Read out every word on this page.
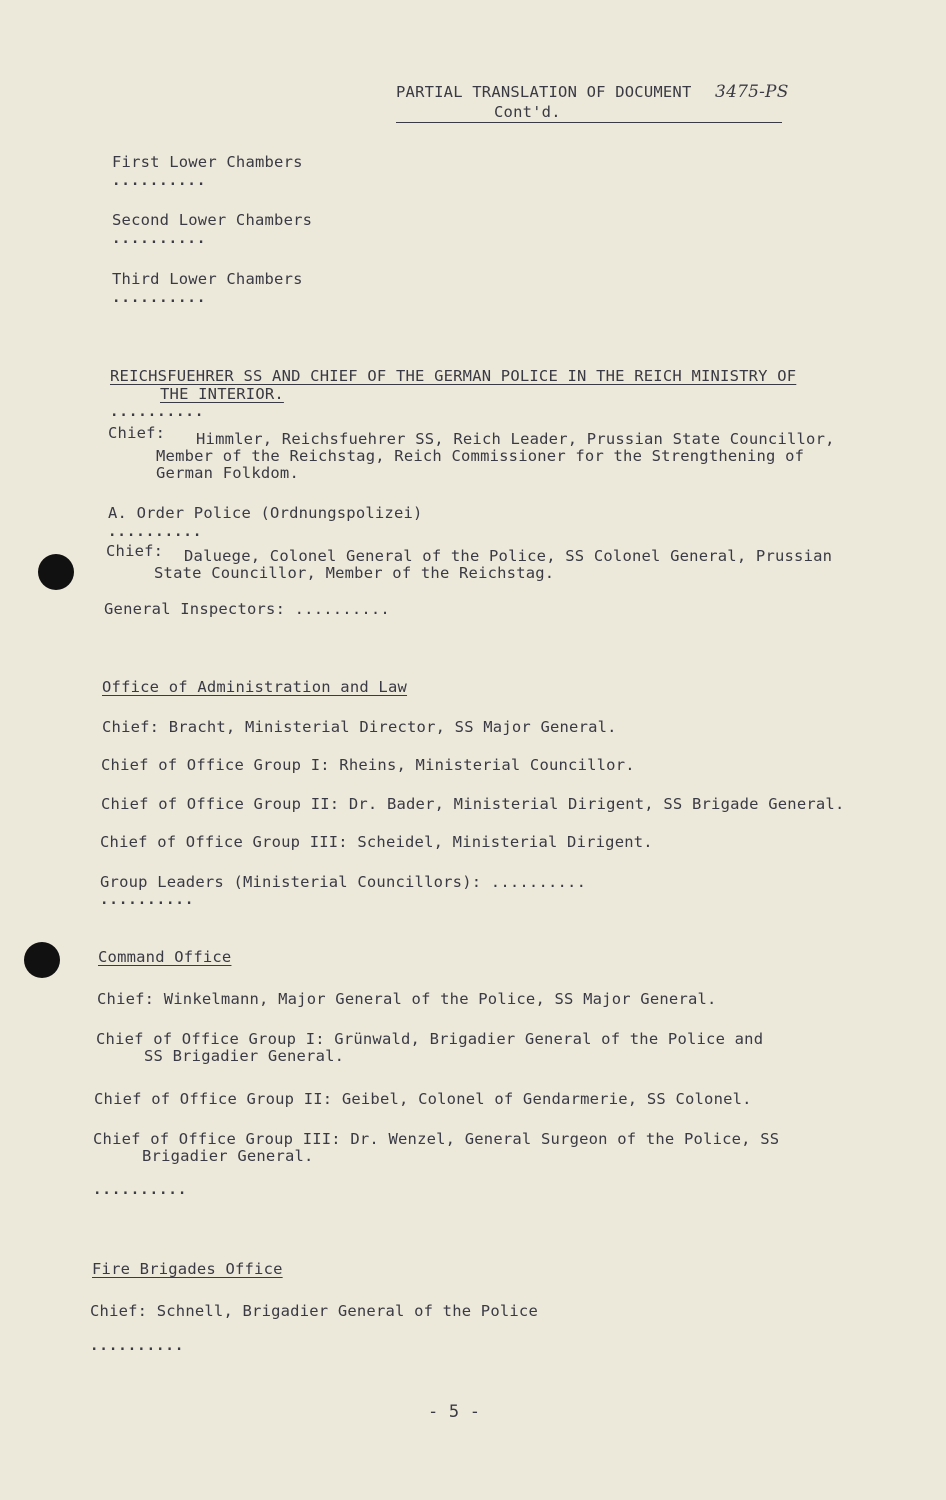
PARTIAL TRANSLATION OF DOCUMENT 3475-PS
Cont'd.
First Lower Chambers
..........
Second Lower Chambers
..........
Third Lower Chambers
..........
REICHSFUEHRER SS AND CHIEF OF THE GERMAN POLICE IN THE REICH MINISTRY OF
THE INTERIOR.
..........
Chief: Himmler, Reichsfuehrer SS, Reich Leader, Prussian State Councillor,
Member of the Reichstag, Reich Commissioner for the Strengthening of
German Folkdom.
A. Order Police (Ordnungspolizei)
..........
Chief: Daluege, Colonel General of the Police, SS Colonel General, Prussian
State Councillor, Member of the Reichstag.
General Inspectors: ..........
Office of Administration and Law
Chief: Bracht, Ministerial Director, SS Major General.
Chief of Office Group I: Rheins, Ministerial Councillor.
Chief of Office Group II: Dr. Bader, Ministerial Dirigent, SS Brigade General.
Chief of Office Group III: Scheidel, Ministerial Dirigent.
Group Leaders (Ministerial Councillors): ..........
..........
Command Office
Chief: Winkelmann, Major General of the Police, SS Major General.
Chief of Office Group I: Grünwald, Brigadier General of the Police and
SS Brigadier General.
Chief of Office Group II: Geibel, Colonel of Gendarmerie, SS Colonel.
Chief of Office Group III: Dr. Wenzel, General Surgeon of the Police, SS
Brigadier General.
..........
Fire Brigades Office
Chief: Schnell, Brigadier General of the Police
..........
- 5 -
